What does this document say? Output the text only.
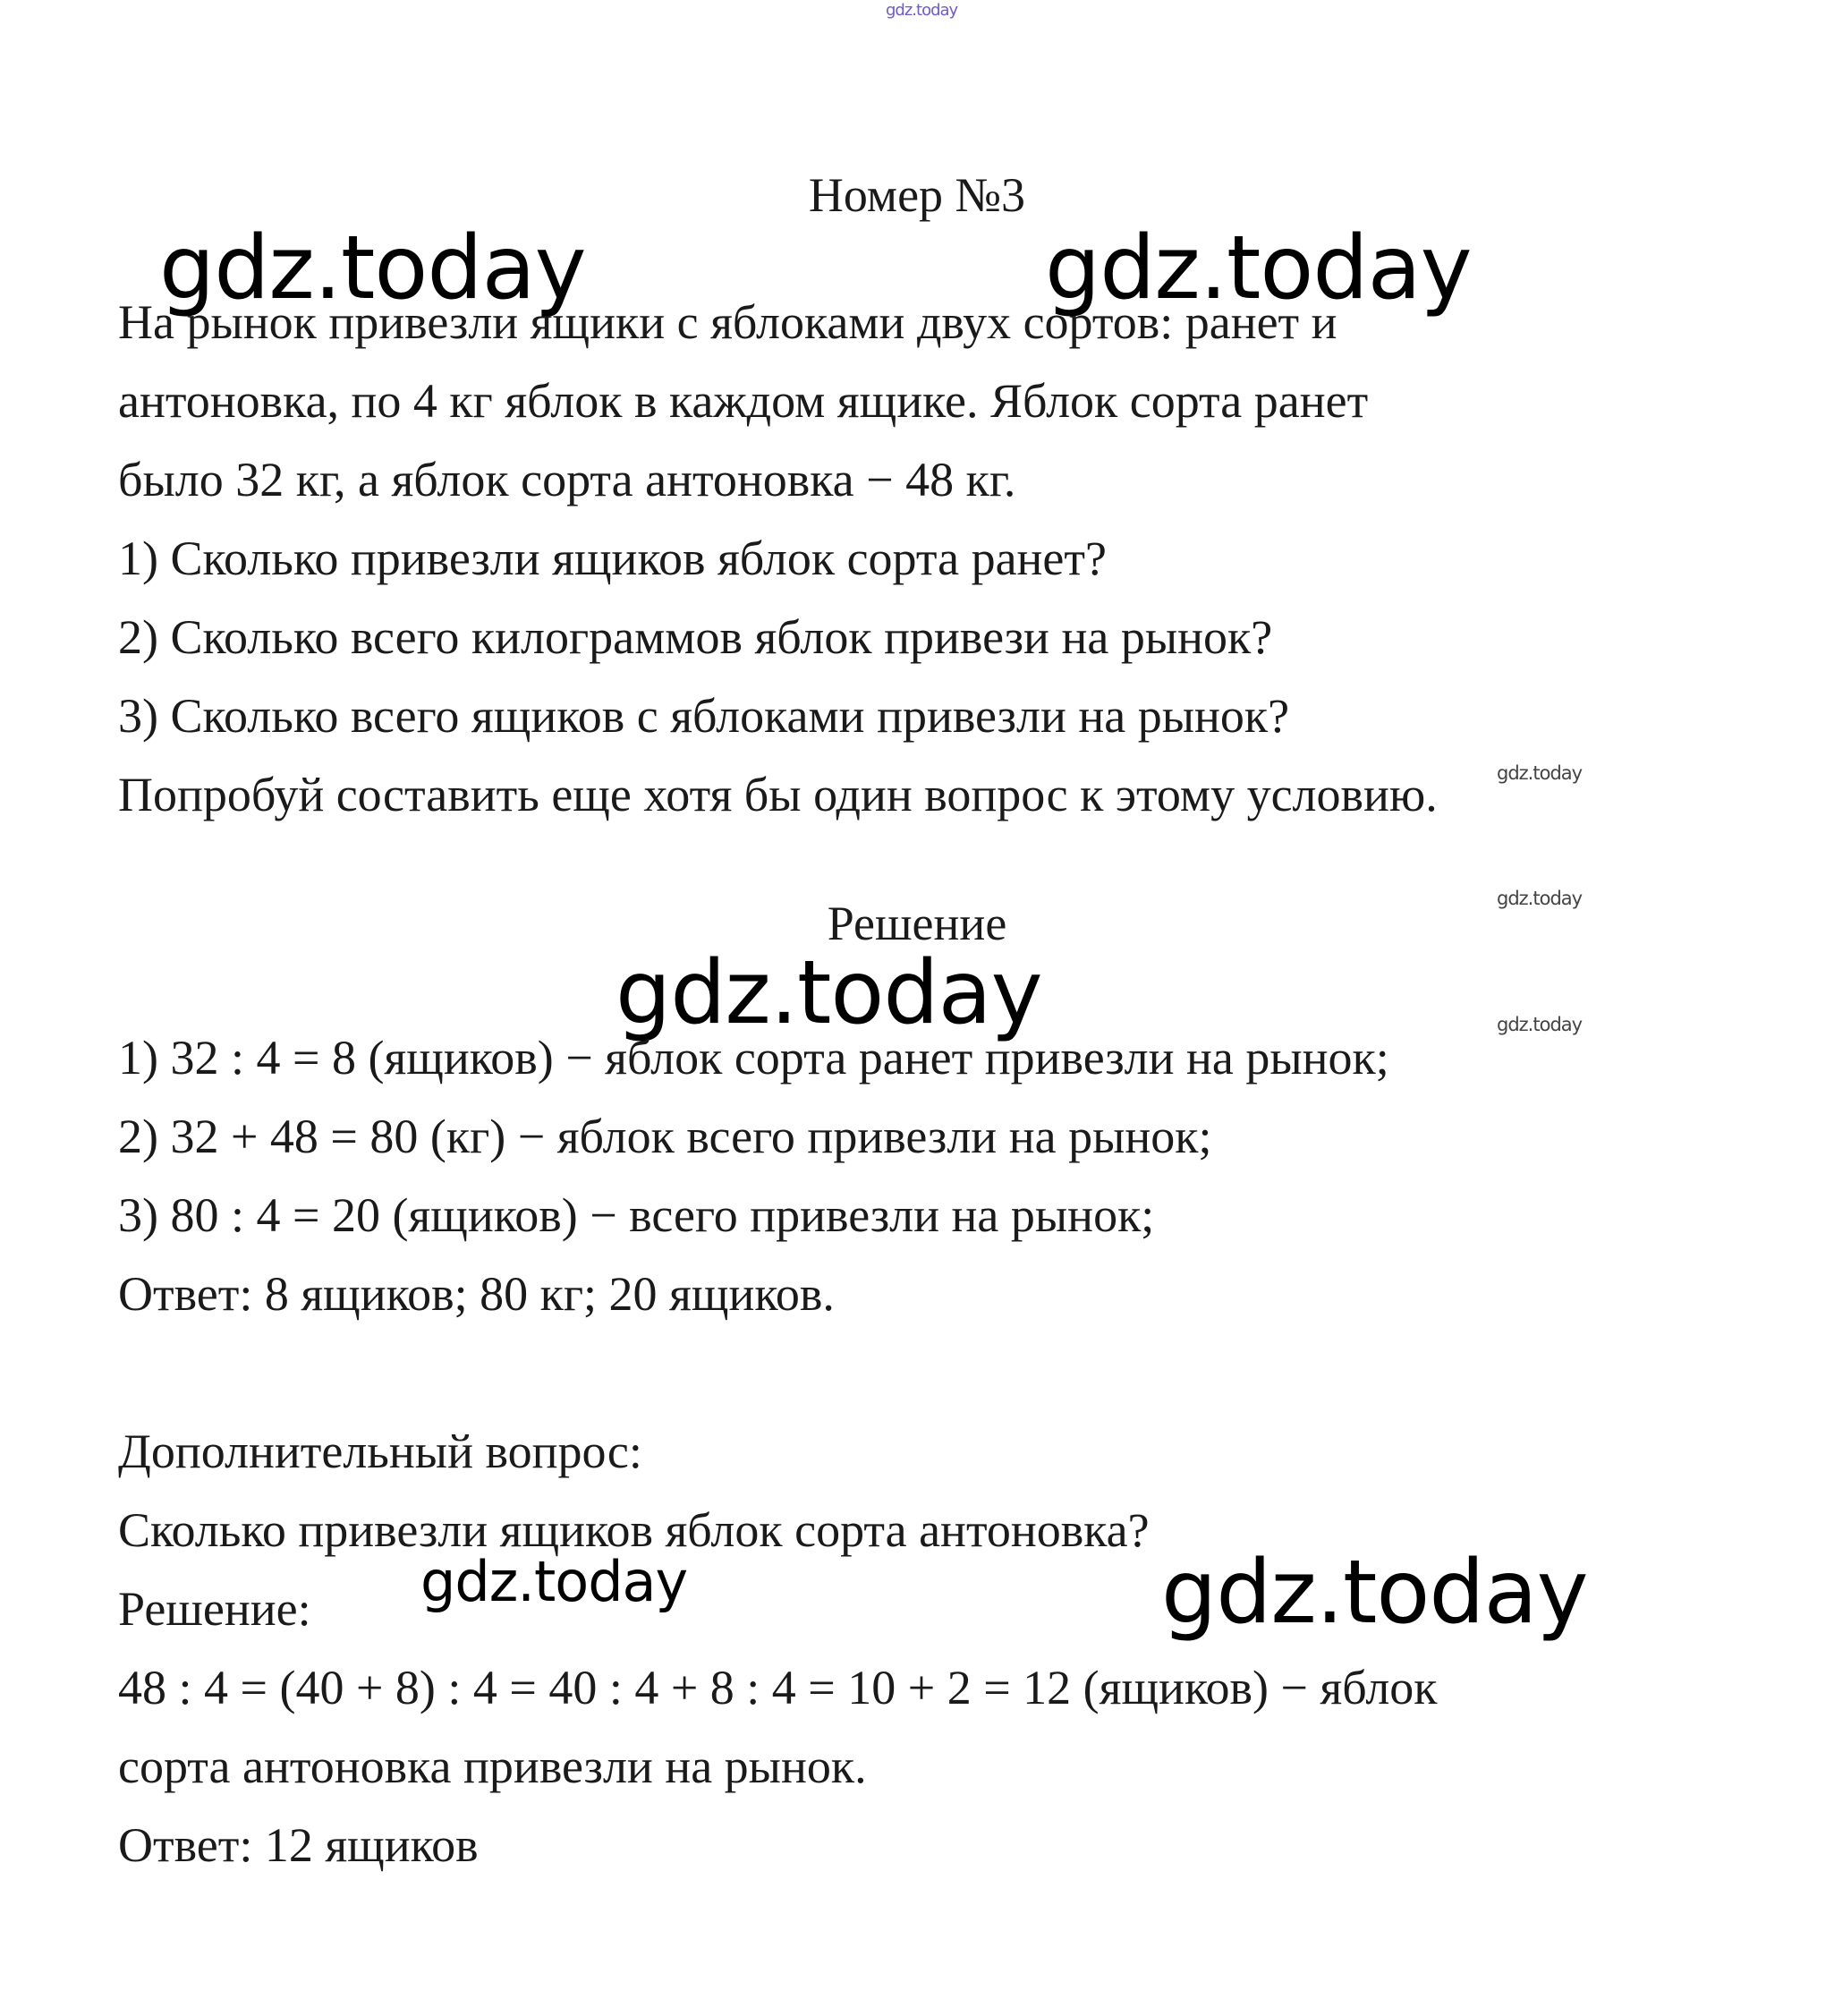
gdz.today
Номер №3
gdz.today	gdz.today
На рынок привезли ящики с яблоками двух сортов: ранет и
антоновка, по 4 кг яблок в каждом ящике. Яблок сорта ранет
было 32 кг, а яблок сорта антоновка − 48 кг.
1) Сколько привезли ящиков яблок сорта ранет?
2) Сколько всего килограммов яблок привези на рынок?
3) Сколько всего ящиков с яблоками привезли на рынок?
Попробуй составить еще хотя бы один вопрос к этому условию.	gdz.today
gdz.today
gdz.today
Решение
gdz.today
1) 32 : 4 = 8 (ящиков) − яблок сорта ранет привезли на рынок;
2) 32 + 48 = 80 (кг) − яблок всего привезли на рынок;
3) 80 : 4 = 20 (ящиков) − всего привезли на рынок;
Ответ: 8 ящиков; 80 кг; 20 ящиков.
Дополнительный вопрос:
Сколько привезли ящиков яблок сорта антоновка?
Решение: gdz.today	gdz.today
48 : 4 = (40 + 8) : 4 = 40 : 4 + 8 : 4 = 10 + 2 = 12 (ящиков) − яблок
сорта антоновка привезли на рынок.
Ответ: 12 ящиков
